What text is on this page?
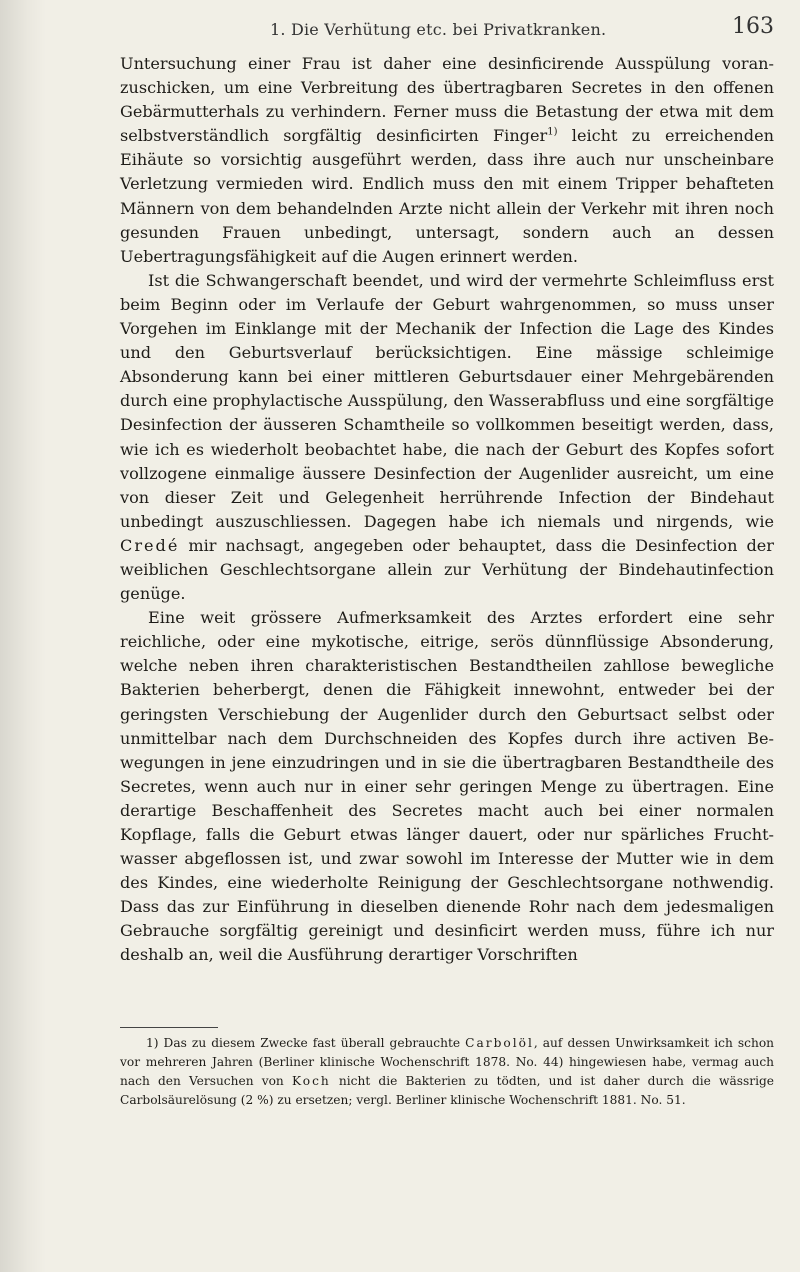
1. Die Verhütung etc. bei Privatkranken.	163

Untersuchung einer Frau ist daher eine desinficirende Ausspülung voranzuschicken, um eine Verbreitung des übertragbaren Secretes in den offenen Gebärmutterhals zu verhindern. Ferner muss die Betastung der etwa mit dem selbstverständlich sorgfältig desinficirten Finger$^{1)}$ leicht zu erreichenden Eihäute so vorsichtig ausgeführt werden, dass ihre auch nur unscheinbare Verletzung vermieden wird. Endlich muss den mit einem Tripper behafteten Männern von dem behandelnden Arzte nicht allein der Verkehr mit ihren noch gesunden Frauen unbedingt, untersagt, sondern auch an dessen Uebertragungsfähigkeit auf die Augen erinnert werden.

Ist die Schwangerschaft beendet, und wird der vermehrte Schleimfluss erst beim Beginn oder im Verlaufe der Geburt wahrgenommen, so muss unser Vorgehen im Einklange mit der Mechanik der Infection die Lage des Kindes und den Geburtsverlauf berücksichtigen. Eine mässige schleimige Absonderung kann bei einer mittleren Geburtsdauer einer Mehrgebärenden durch eine prophylactische Ausspülung, den Wasserabfluss und eine sorgfältige Desinfection der äusseren Schamtheile so vollkommen beseitigt werden, dass, wie ich es wiederholt beobachtet habe, die nach der Geburt des Kopfes sofort vollzogene einmalige äussere Desinfection der Augenlider ausreicht, um eine von dieser Zeit und Gelegenheit herrührende Infection der Bindehaut unbedingt auszuschliessen. Dagegen habe ich niemals und nirgends, wie Credé mir nachsagt, angegeben oder behauptet, dass die Desinfection der weiblichen Geschlechtsorgane allein zur Verhütung der Bindehautinfection genüge.

Eine weit grössere Aufmerksamkeit des Arztes erfordert eine sehr reichliche, oder eine mykotische, eitrige, serös dünnflüssige Absonderung, welche neben ihren charakteristischen Bestandtheilen zahllose bewegliche Bakterien beherbergt, denen die Fähigkeit innewohnt, entweder bei der geringsten Verschiebung der Augenlider durch den Geburtsact selbst oder unmittelbar nach dem Durchschneiden des Kopfes durch ihre activen Bewegungen in jene einzudringen und in sie die übertragbaren Bestandtheile des Secretes, wenn auch nur in einer sehr geringen Menge zu übertragen. Eine derartige Beschaffenheit des Secretes macht auch bei einer normalen Kopflage, falls die Geburt etwas länger dauert, oder nur spärliches Fruchtwasser abgeflossen ist, und zwar sowohl im Interesse der Mutter wie in dem des Kindes, eine wiederholte Reinigung der Geschlechtsorgane nothwendig. Dass das zur Einführung in dieselben dienende Rohr nach dem jedesmaligen Gebrauche sorgfältig gereinigt und desinficirt werden muss, führe ich nur deshalb an, weil die Ausführung derartiger Vorschriften

1) Das zu diesem Zwecke fast überall gebrauchte Carbolöl, auf dessen Unwirksamkeit ich schon vor mehreren Jahren (Berliner klinische Wochenschrift 1878. No. 44) hingewiesen habe, vermag auch nach den Versuchen von Koch nicht die Bakterien zu tödten, und ist daher durch die wässrige Carbolsäurelösung (2 %) zu ersetzen; vergl. Berliner klinische Wochenschrift 1881. No. 51.
